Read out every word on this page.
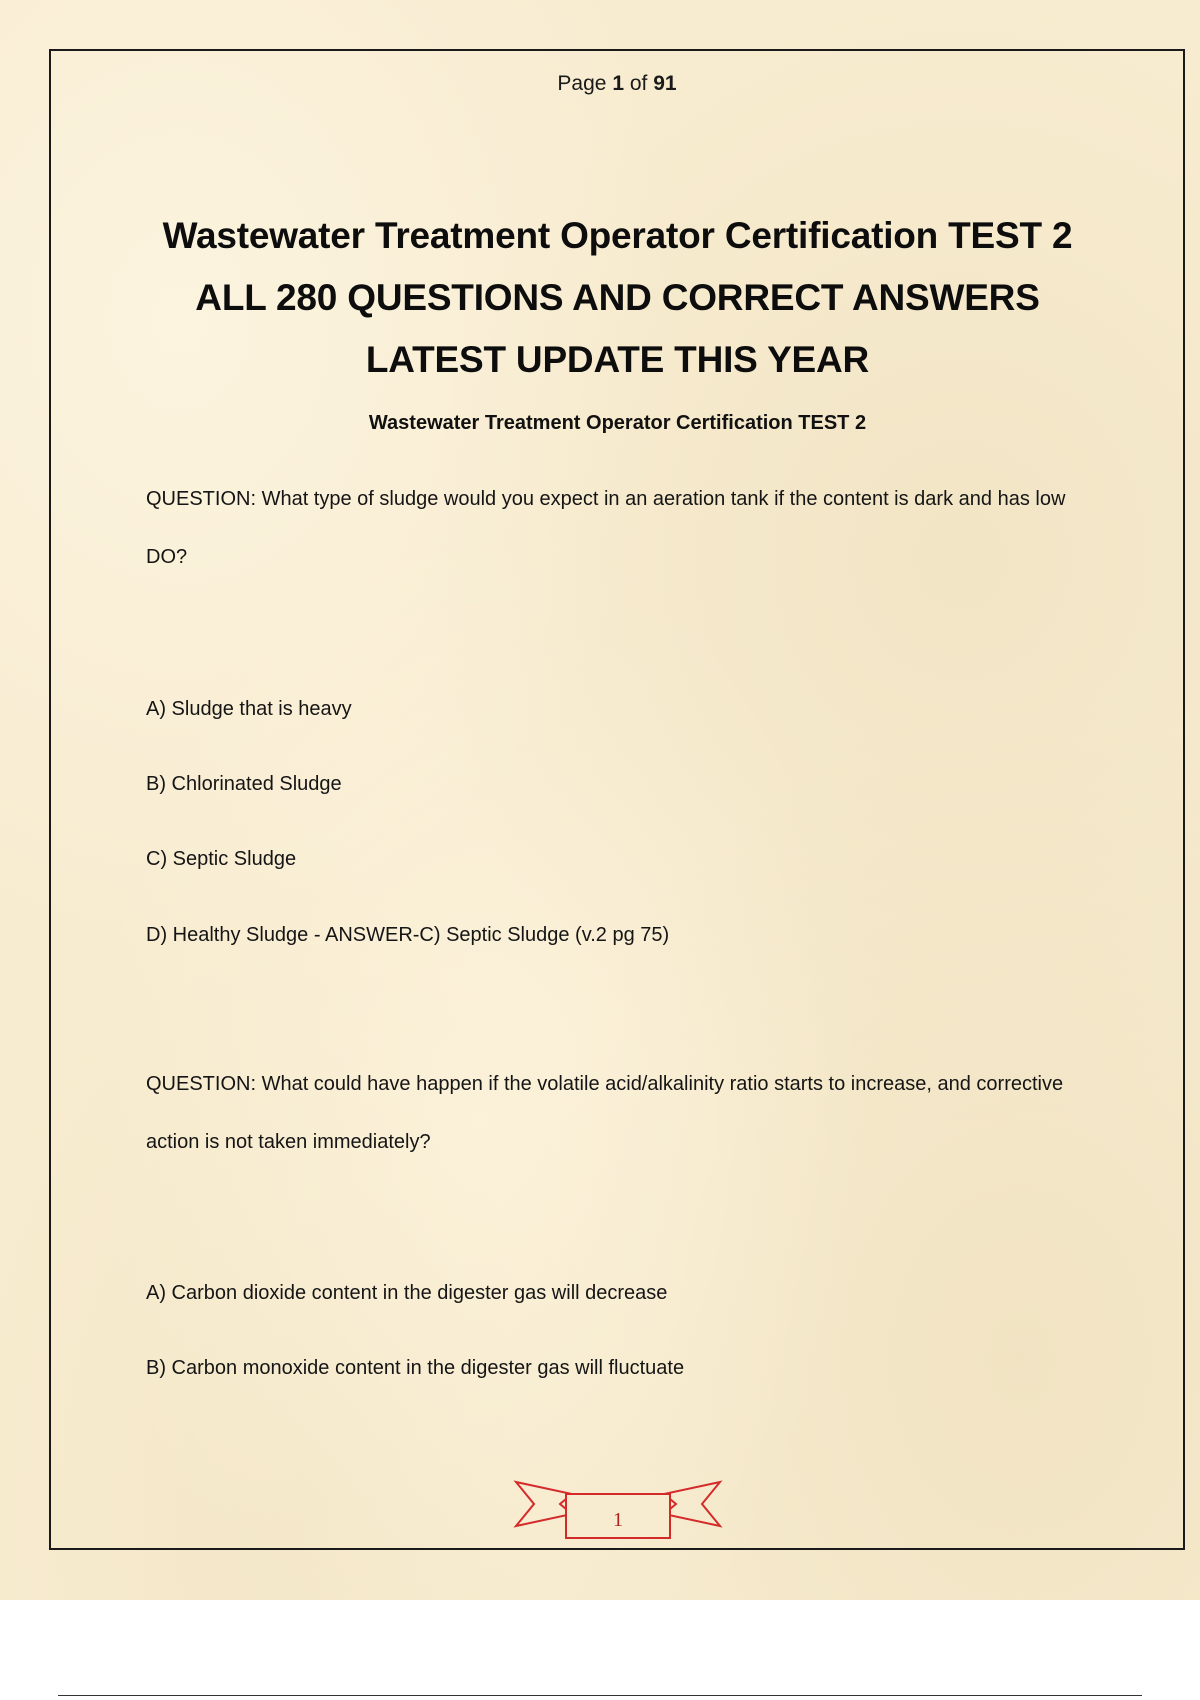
Page 1 of 91
Wastewater Treatment Operator Certification TEST 2 ALL 280 QUESTIONS AND CORRECT ANSWERS LATEST UPDATE THIS YEAR
Wastewater Treatment Operator Certification TEST 2
QUESTION: What type of sludge would you expect in an aeration tank if the content is dark and has low DO?
A) Sludge that is heavy
B) Chlorinated Sludge
C) Septic Sludge
D) Healthy Sludge - ANSWER-C) Septic Sludge (v.2 pg 75)
QUESTION: What could have happen if the volatile acid/alkalinity ratio starts to increase, and corrective action is not taken immediately?
A) Carbon dioxide content in the digester gas will decrease
B) Carbon monoxide content in the digester gas will fluctuate
1
